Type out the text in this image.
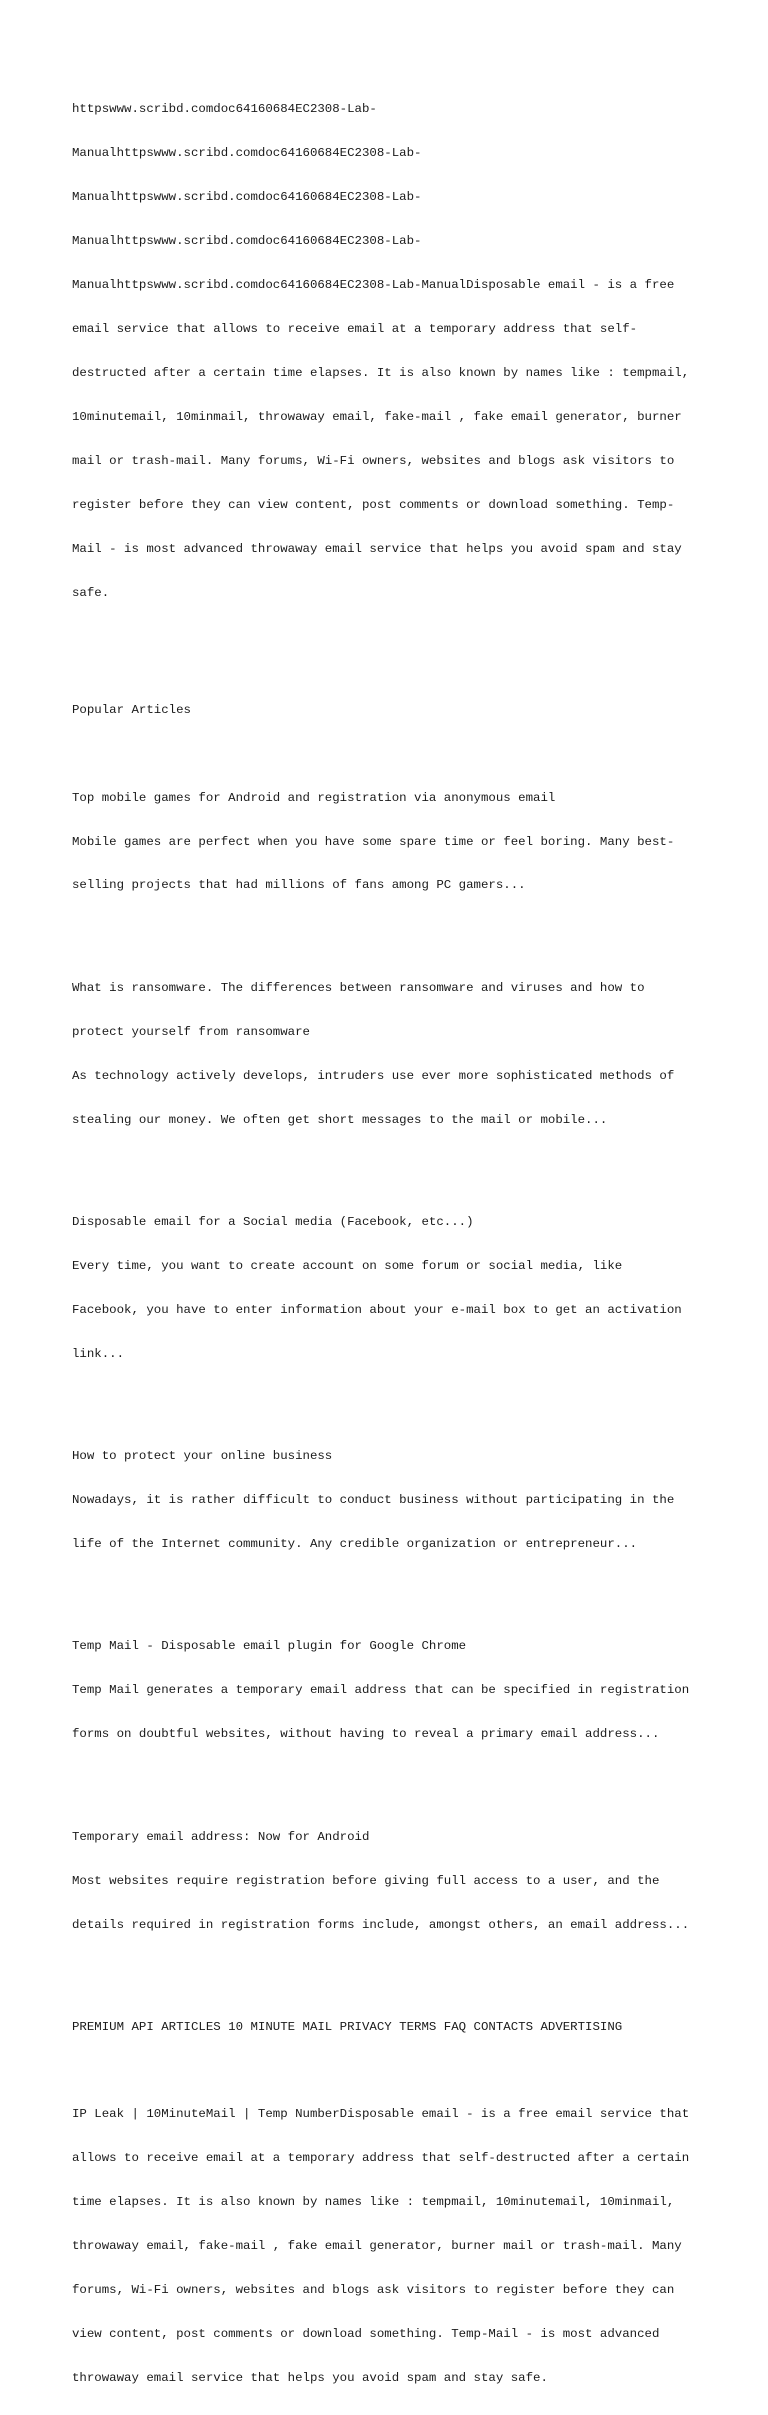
httpswww.scribd.comdoc64160684EC2308-Lab-

Manualhttpswww.scribd.comdoc64160684EC2308-Lab-

Manualhttpswww.scribd.comdoc64160684EC2308-Lab-

Manualhttpswww.scribd.comdoc64160684EC2308-Lab-

Manualhttpswww.scribd.comdoc64160684EC2308-Lab-ManualDisposable email - is a free

email service that allows to receive email at a temporary address that self-

destructed after a certain time elapses. It is also known by names like : tempmail,

10minutemail, 10minmail, throwaway email, fake-mail , fake email generator, burner

mail or trash-mail. Many forums, Wi-Fi owners, websites and blogs ask visitors to

register before they can view content, post comments or download something. Temp-

Mail - is most advanced throwaway email service that helps you avoid spam and stay

safe.

Popular Articles

Top mobile games for Android and registration via anonymous email

Mobile games are perfect when you have some spare time or feel boring. Many best-

selling projects that had millions of fans among PC gamers...

What is ransomware. The differences between ransomware and viruses and how to

protect yourself from ransomware

As technology actively develops, intruders use ever more sophisticated methods of

stealing our money. We often get short messages to the mail or mobile...

Disposable email for a Social media (Facebook, etc...)

Every time, you want to create account on some forum or social media, like

Facebook, you have to enter information about your e-mail box to get an activation

link...

How to protect your online business

Nowadays, it is rather difficult to conduct business without participating in the

life of the Internet community. Any credible organization or entrepreneur...

Temp Mail - Disposable email plugin for Google Chrome

Temp Mail generates a temporary email address that can be specified in registration

forms on doubtful websites, without having to reveal a primary email address...

Temporary email address: Now for Android

Most websites require registration before giving full access to a user, and the

details required in registration forms include, amongst others, an email address...

PREMIUM API ARTICLES 10 MINUTE MAIL PRIVACY TERMS FAQ CONTACTS ADVERTISING

IP Leak | 10MinuteMail | Temp NumberDisposable email - is a free email service that

allows to receive email at a temporary address that self-destructed after a certain

time elapses. It is also known by names like : tempmail, 10minutemail, 10minmail,

throwaway email, fake-mail , fake email generator, burner mail or trash-mail. Many

forums, Wi-Fi owners, websites and blogs ask visitors to register before they can

view content, post comments or download something. Temp-Mail - is most advanced

throwaway email service that helps you avoid spam and stay safe.
